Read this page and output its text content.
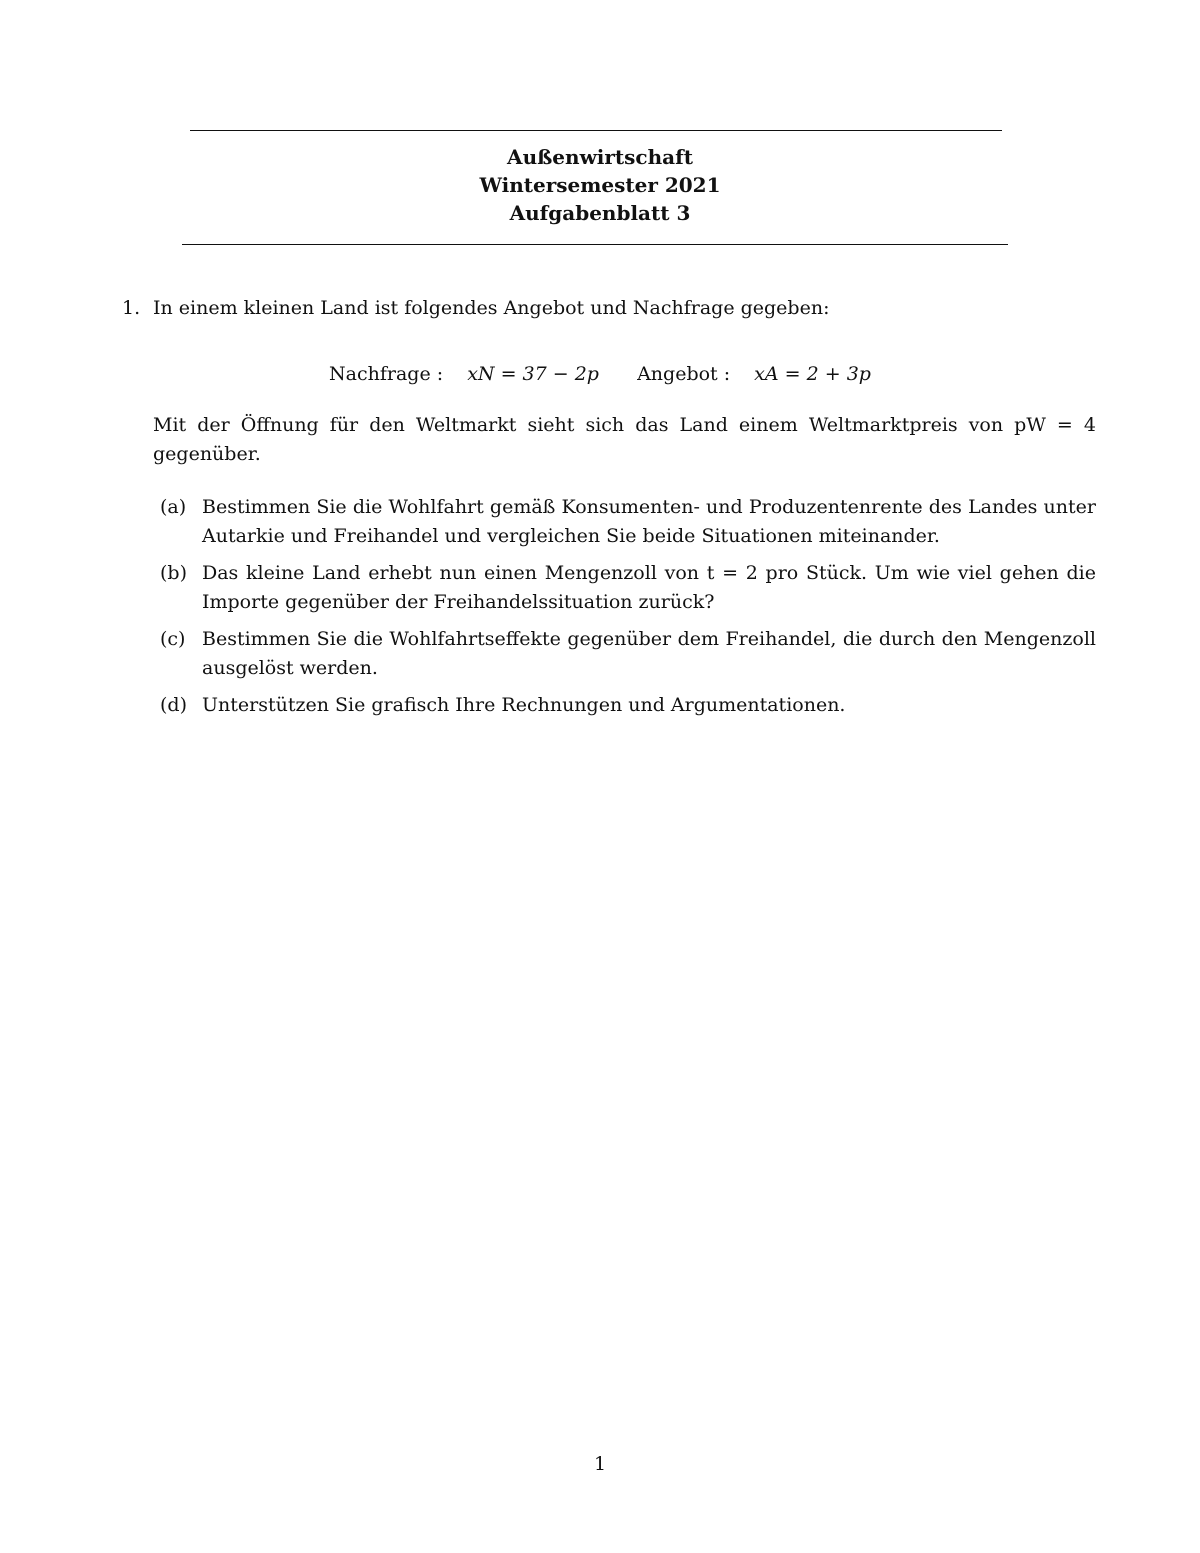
Außenwirtschaft
Wintersemester 2021
Aufgabenblatt 3
1. In einem kleinen Land ist folgendes Angebot und Nachfrage gegeben:
Nachfrage : xN = 37 − 2p Angebot : xA = 2 + 3p
Mit der Öffnung für den Weltmarkt sieht sich das Land einem Weltmarktpreis von pW = 4 gegenüber.
(a) Bestimmen Sie die Wohlfahrt gemäß Konsumenten- und Produzentenrente des Landes unter Autarkie und Freihandel und vergleichen Sie beide Situationen miteinander.
(b) Das kleine Land erhebt nun einen Mengenzoll von t = 2 pro Stück. Um wie viel gehen die Importe gegenüber der Freihandelssituation zurück?
(c) Bestimmen Sie die Wohlfahrtseffekte gegenüber dem Freihandel, die durch den Mengenzoll ausgelöst werden.
(d) Unterstützen Sie grafisch Ihre Rechnungen und Argumentationen.
1
